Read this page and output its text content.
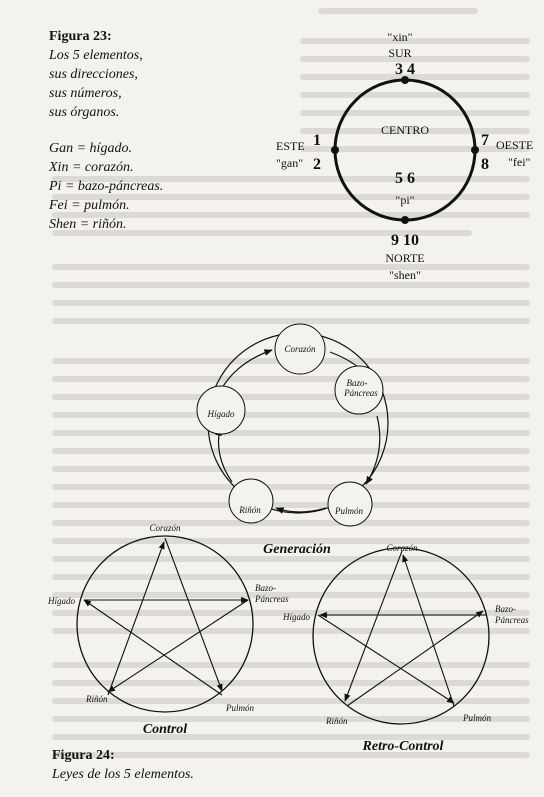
Figura 23:
Los 5 elementos,
sus direcciones,
sus números,
sus órganos.
Gan = hígado.
Xin = corazón.
Pi = bazo-páncreas.
Fei = pulmón.
Shen = riñón.
Figura 24:
Leyes de los 5 elementos.
"xin"
SUR
3 4
ESTE
"gan"
1
2
CENTRO
5 6
"pi"
7
8
OESTE
"fei"
9 10
NORTE
"shen"
Corazón
Bazo-
Páncreas
Pulmón
Riñón
Hígado
Generación
Corazón
Bazo-
Páncreas
Pulmón
Riñón
Hígado
Control
Corazón
Bazo-
Páncreas
Pulmón
Riñón
Hígado
Retro-Control
